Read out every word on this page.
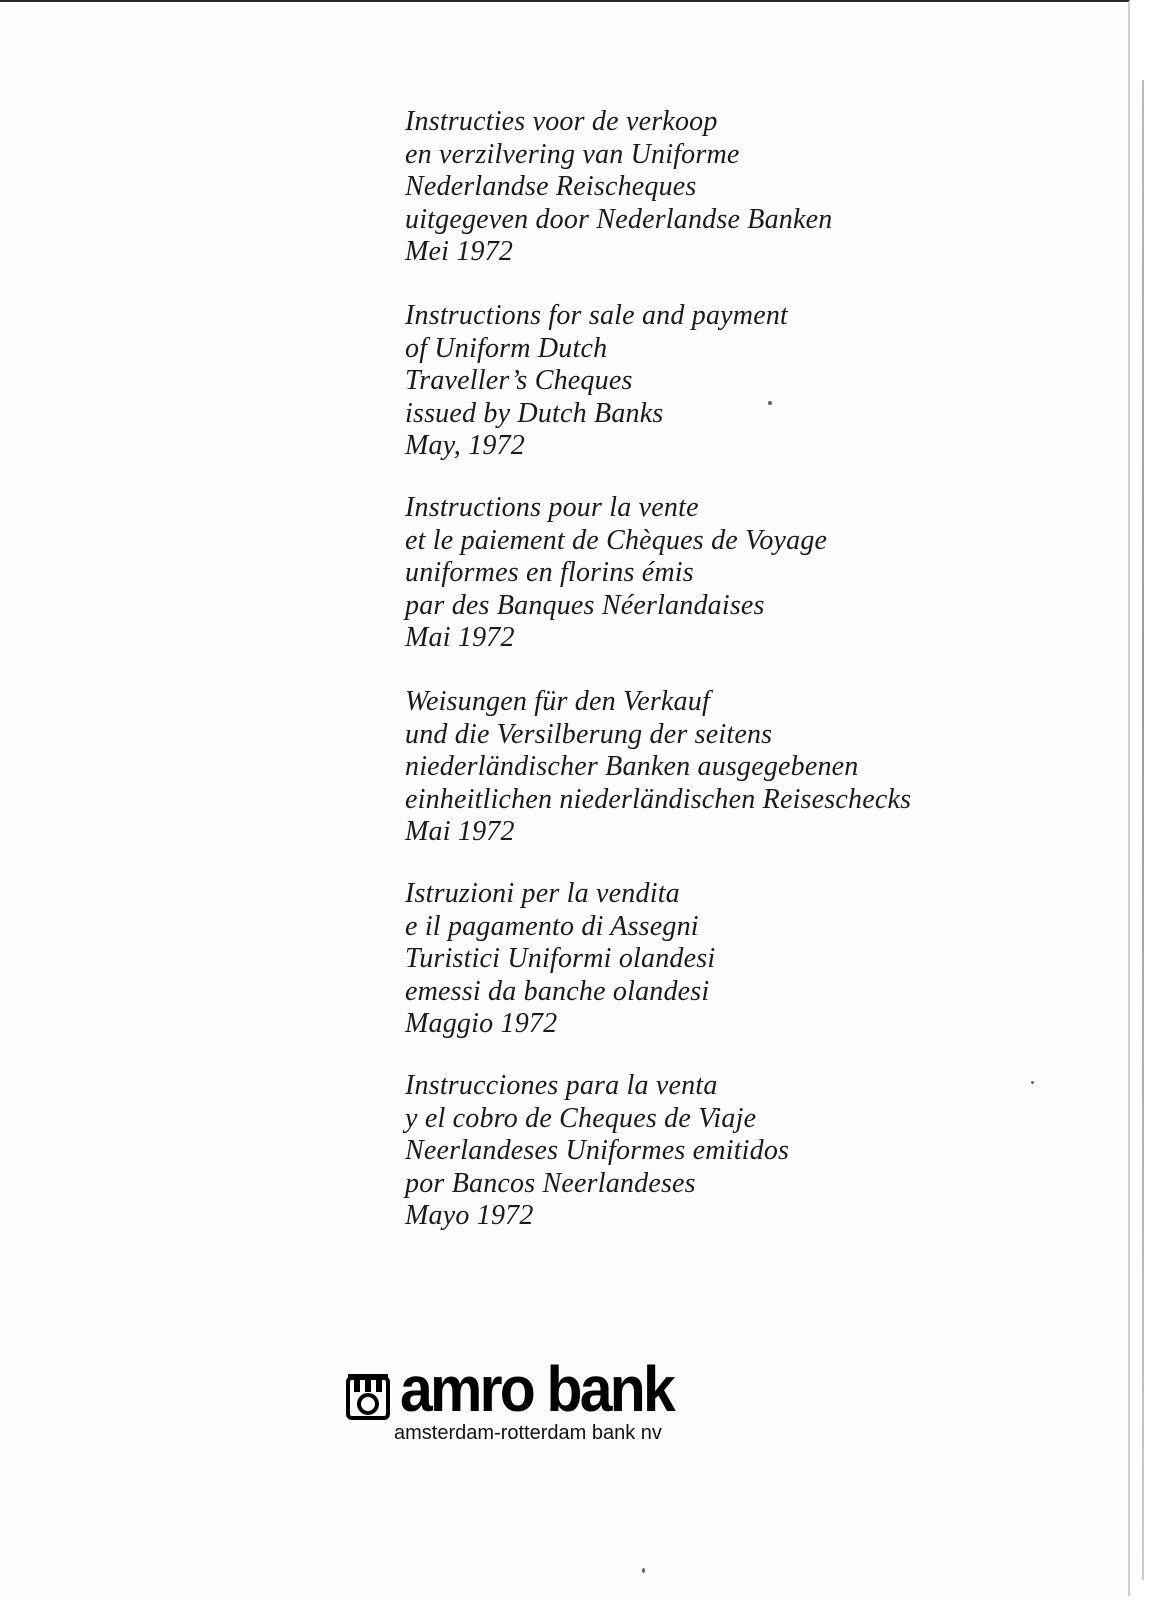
Instructies voor de verkoop
en verzilvering van Uniforme
Nederlandse Reischeques
uitgegeven door Nederlandse Banken
Mei 1972
Instructions for sale and payment
of Uniform Dutch
Traveller’s Cheques
issued by Dutch Banks
May, 1972
Instructions pour la vente
et le paiement de Chèques de Voyage
uniformes en florins émis
par des Banques Néerlandaises
Mai 1972
Weisungen für den Verkauf
und die Versilberung der seitens
niederländischer Banken ausgegebenen
einheitlichen niederländischen Reiseschecks
Mai 1972
Istruzioni per la vendita
e il pagamento di Assegni
Turistici Uniformi olandesi
emessi da banche olandesi
Maggio 1972
Instrucciones para la venta
y el cobro de Cheques de Viaje
Neerlandeses Uniformes emitidos
por Bancos Neerlandeses
Mayo 1972
amro bank
amsterdam-rotterdam bank nv
